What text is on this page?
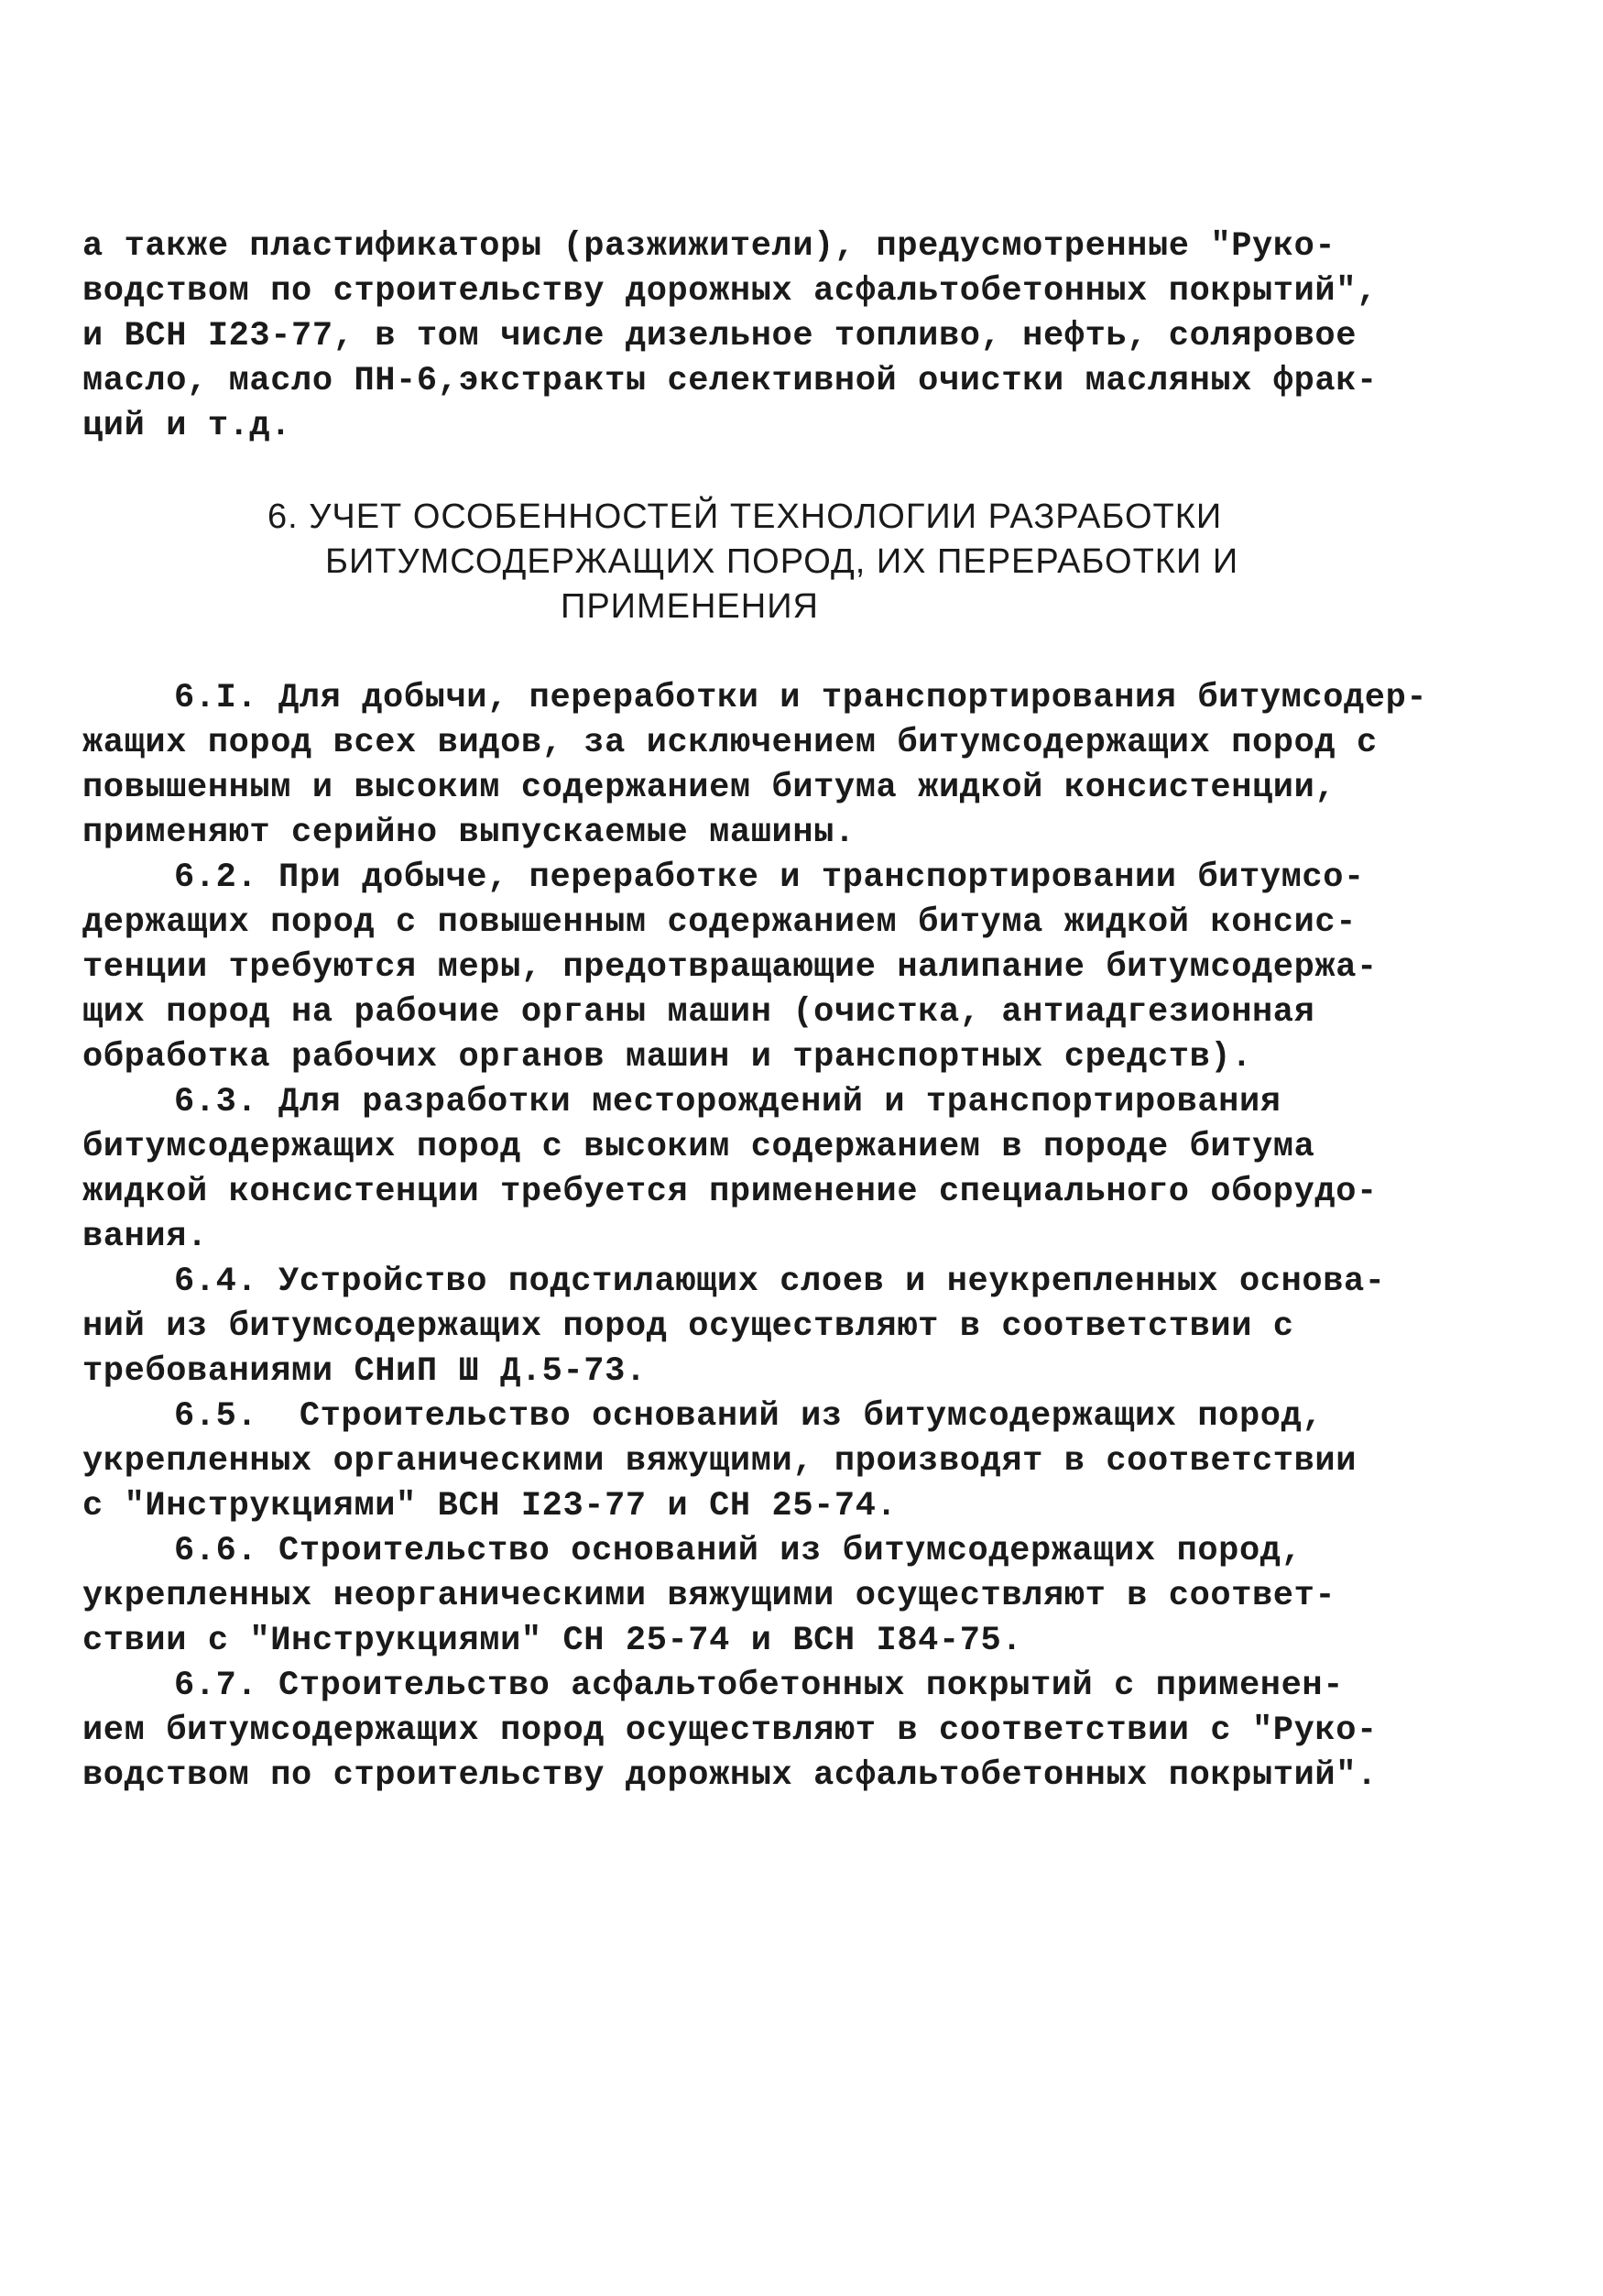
а также пластификаторы (разжижители), предусмотренные "Руко-

водством по строительству дорожных асфальтобетонных покрытий",

и ВСН I23-77, в том числе дизельное топливо, нефть, соляровое

масло, масло ПН-6,экстракты селективной очистки масляных фрак-

ций и т.д.

6. УЧЕТ ОСОБЕННОСТЕЙ ТЕХНОЛОГИИ РАЗРАБОТКИ

БИТУМСОДЕРЖАЩИХ ПОРОД, ИХ ПЕРЕРАБОТКИ И

ПРИМЕНЕНИЯ

6.I. Для добычи, переработки и транспортирования битумсодер-

жащих пород всех видов, за исключением битумсодержащих пород с

повышенным и высоким содержанием битума жидкой консистенции,

применяют серийно выпускаемые машины.

6.2. При добыче, переработке и транспортировании битумсо-

держащих пород с повышенным содержанием битума жидкой консис-

тенции требуются меры, предотвращающие налипание битумсодержа-

щих пород на рабочие органы машин (очистка, антиадгезионная

обработка рабочих органов машин и транспортных средств).

6.3. Для разработки месторождений и транспортирования

битумсодержащих пород с высоким содержанием в породе битума

жидкой консистенции требуется применение специального оборудо-

вания.

6.4. Устройство подстилающих слоев и неукрепленных основа-

ний из битумсодержащих пород осуществляют в соответствии с

требованиями СНиП Ш Д.5-73.

6.5.  Строительство оснований из битумсодержащих пород,

укрепленных органическими вяжущими, производят в соответствии

с "Инструкциями" ВСН I23-77 и СН 25-74.

6.6. Строительство оснований из битумсодержащих пород,

укрепленных неорганическими вяжущими осуществляют в соответ-

ствии с "Инструкциями" СН 25-74 и ВСН I84-75.

6.7. Строительство асфальтобетонных покрытий с применен-

ием битумсодержащих пород осуществляют в соответствии с "Руко-

водством по строительству дорожных асфальтобетонных покрытий".
